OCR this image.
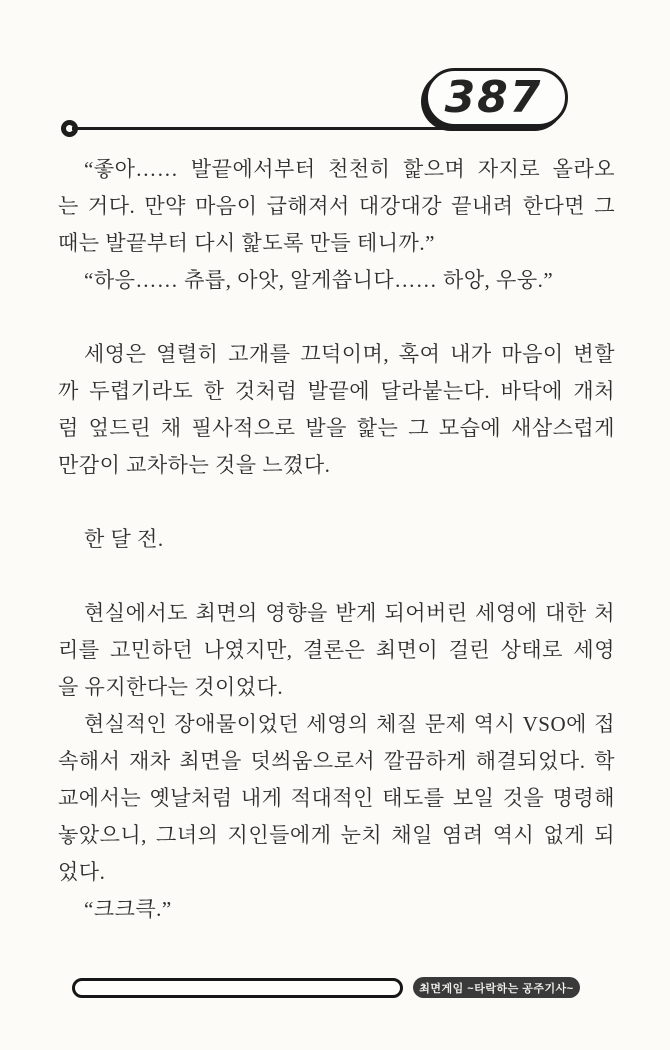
387
“좋아…… 발끝에서부터 천천히 핥으며 자지로 올라오
는 거다. 만약 마음이 급해져서 대강대강 끝내려 한다면 그
때는 발끝부터 다시 핥도록 만들 테니까.”
“하응…… 츄릅, 아앗, 알게씁니다…… 하앙, 우웅.”
세영은 열렬히 고개를 끄덕이며, 혹여 내가 마음이 변할
까 두렵기라도 한 것처럼 발끝에 달라붙는다. 바닥에 개처
럼 엎드린 채 필사적으로 발을 핥는 그 모습에 새삼스럽게
만감이 교차하는 것을 느꼈다.
한 달 전.
현실에서도 최면의 영향을 받게 되어버린 세영에 대한 처
리를 고민하던 나였지만, 결론은 최면이 걸린 상태로 세영
을 유지한다는 것이었다.
현실적인 장애물이었던 세영의 체질 문제 역시 VSO에 접
속해서 재차 최면을 덧씌움으로서 깔끔하게 해결되었다. 학
교에서는 옛날처럼 내게 적대적인 태도를 보일 것을 명령해
놓았으니, 그녀의 지인들에게 눈치 채일 염려 역시 없게 되
었다.
“크크큭.”
최면게임 ~타락하는 공주기사~
